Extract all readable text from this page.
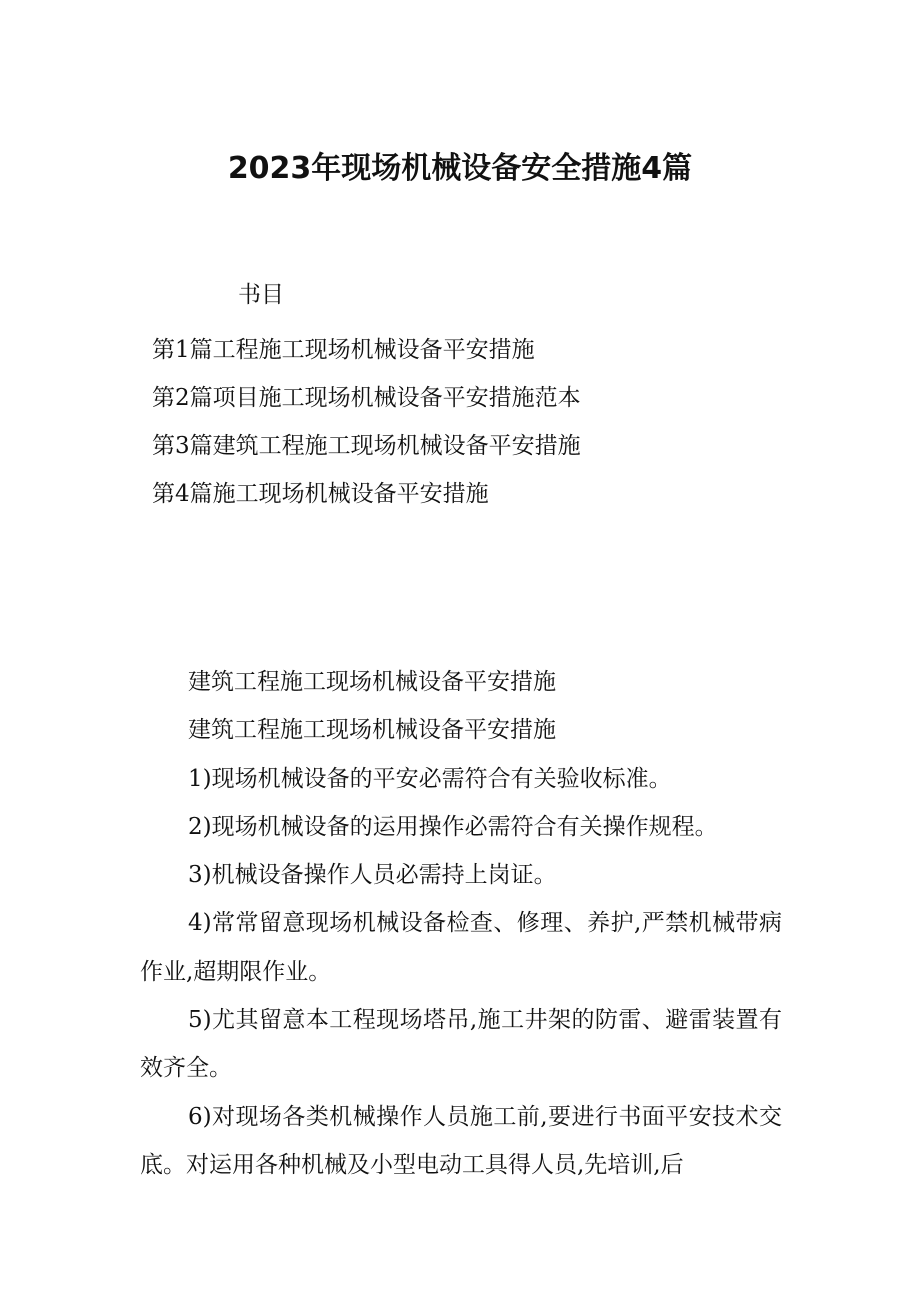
2023年现场机械设备安全措施4篇
书目
第1篇工程施工现场机械设备平安措施
第2篇项目施工现场机械设备平安措施范本
第3篇建筑工程施工现场机械设备平安措施
第4篇施工现场机械设备平安措施

建筑工程施工现场机械设备平安措施

建筑工程施工现场机械设备平安措施

1)现场机械设备的平安必需符合有关验收标准。

2)现场机械设备的运用操作必需符合有关操作规程。

3)机械设备操作人员必需持上岗证。

4)常常留意现场机械设备检查、修理、养护,严禁机械带病作业,超期限作业。

5)尤其留意本工程现场塔吊,施工井架的防雷、避雷装置有效齐全。

6)对现场各类机械操作人员施工前,要进行书面平安技术交底。对运用各种机械及小型电动工具得人员,先培训,后
